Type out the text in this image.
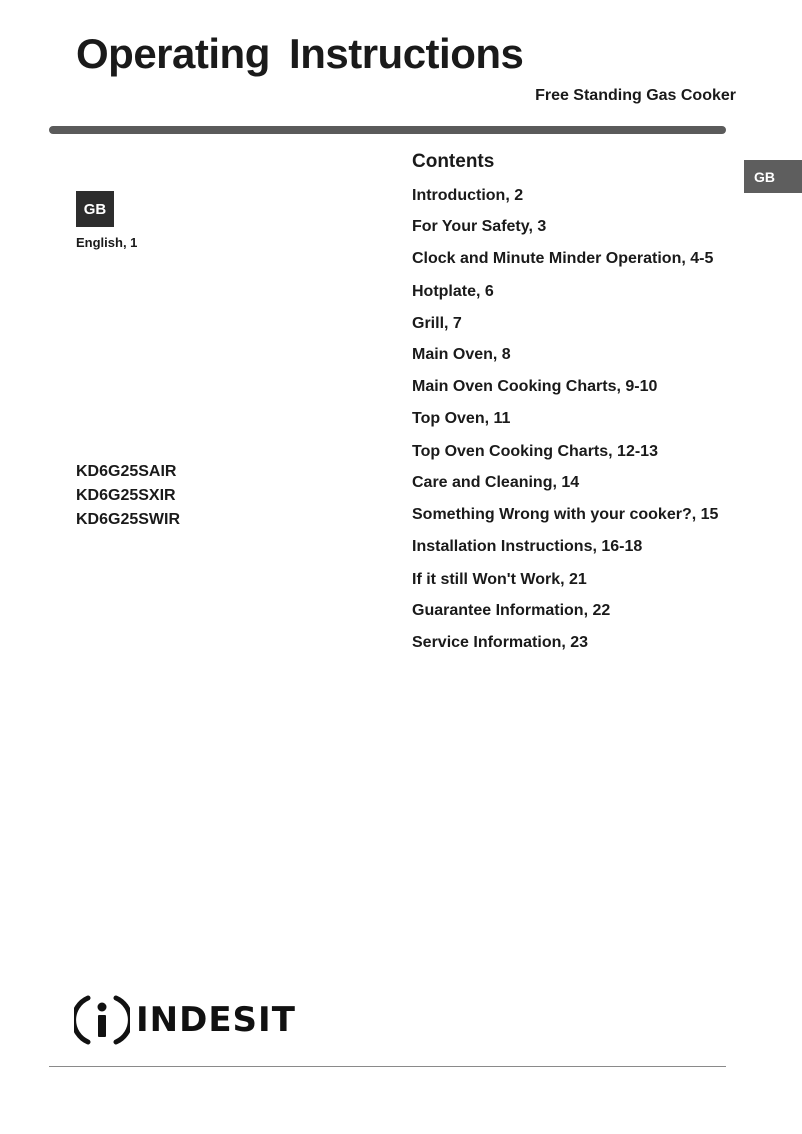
Operating Instructions
Free Standing Gas Cooker
GB
English, 1
GB
KD6G25SAIR
KD6G25SXIR
KD6G25SWIR
Contents
Introduction, 2
For Your Safety, 3
Clock and Minute Minder Operation, 4-5
Hotplate, 6
Grill, 7
Main Oven, 8
Main Oven Cooking Charts, 9-10
Top Oven, 11
Top Oven Cooking Charts, 12-13
Care and Cleaning, 14
Something Wrong with your cooker?, 15
Installation Instructions, 16-18
If it still Won't Work, 21
Guarantee Information, 22
Service Information, 23
INDESIT
